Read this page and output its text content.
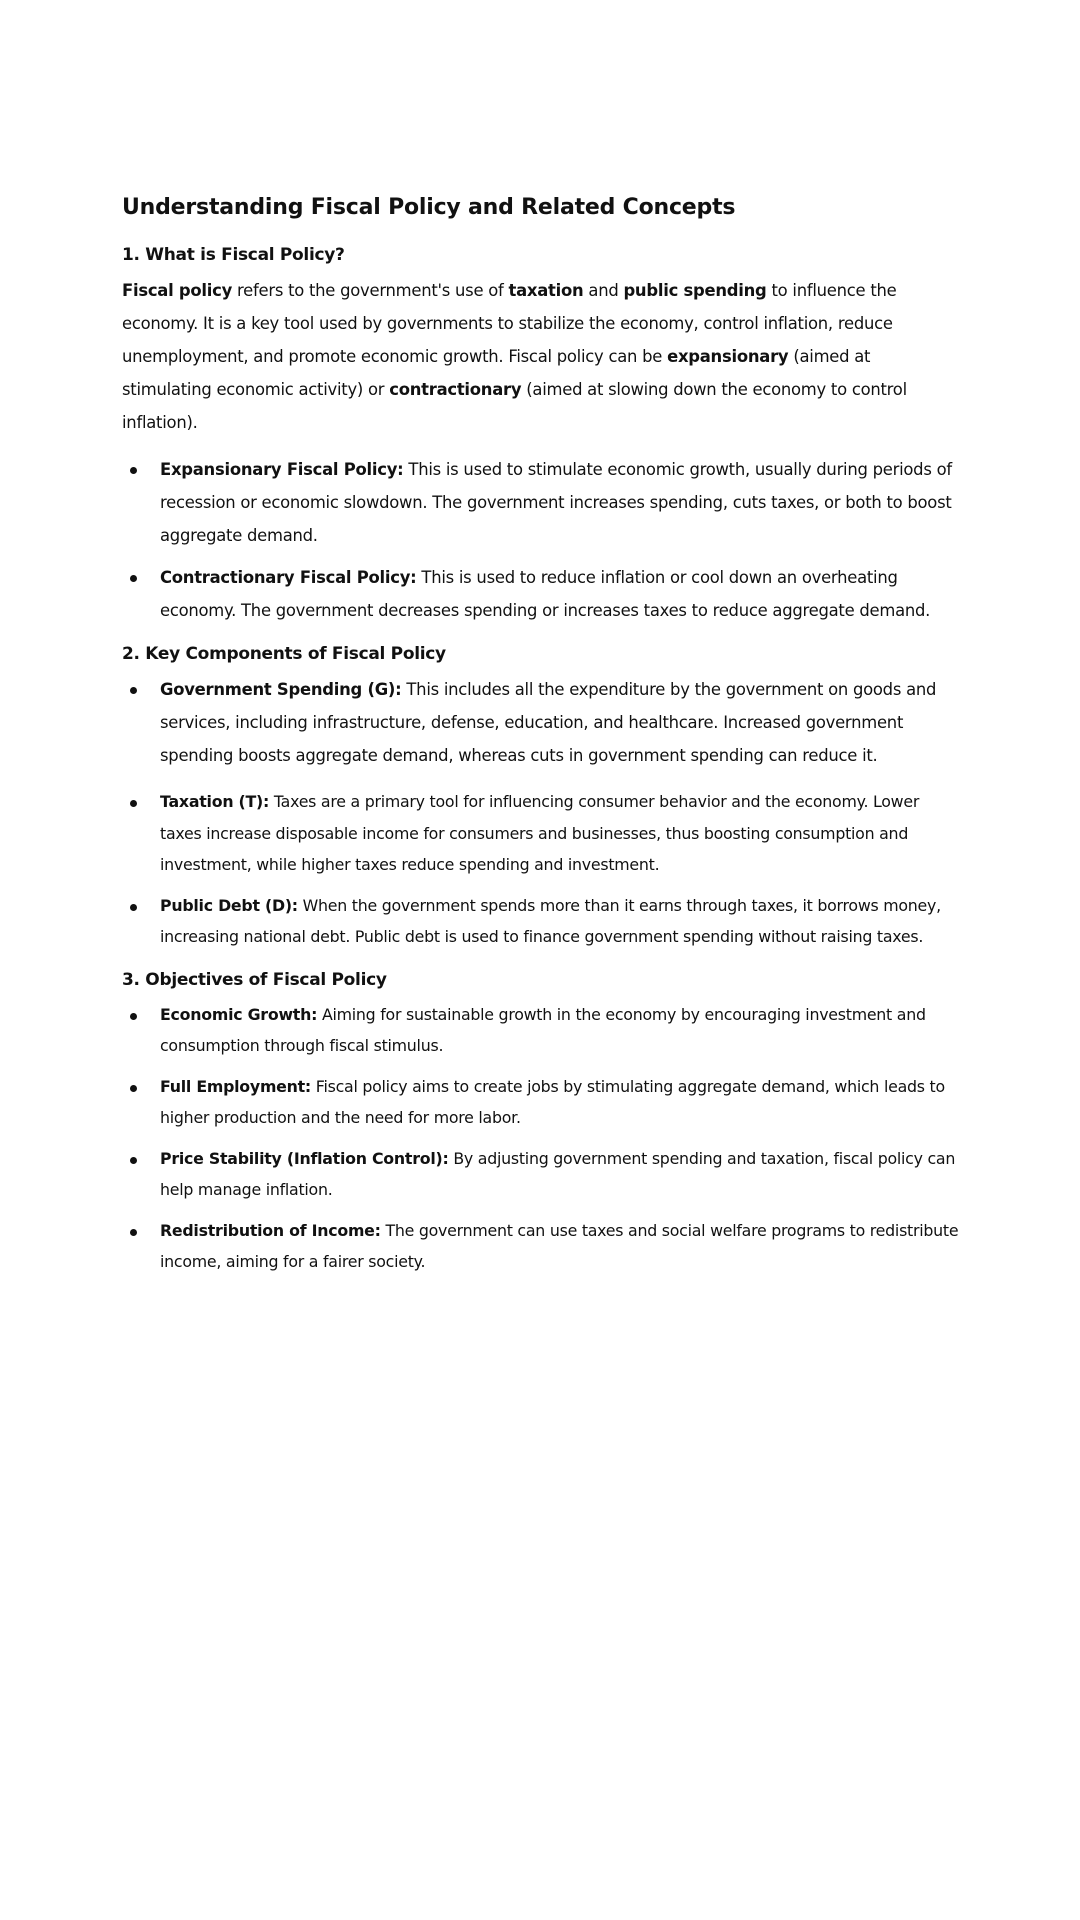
Understanding Fiscal Policy and Related Concepts
1. What is Fiscal Policy?

Fiscal policy refers to the government's use of taxation and public spending to influence the economy. It is a key tool used by governments to stabilize the economy, control inflation, reduce unemployment, and promote economic growth. Fiscal policy can be expansionary (aimed at stimulating economic activity) or contractionary (aimed at slowing down the economy to control inflation).

Expansionary Fiscal Policy: This is used to stimulate economic growth, usually during periods of recession or economic slowdown. The government increases spending, cuts taxes, or both to boost aggregate demand.
Contractionary Fiscal Policy: This is used to reduce inflation or cool down an overheating economy. The government decreases spending or increases taxes to reduce aggregate demand.
2. Key Components of Fiscal Policy
Government Spending (G): This includes all the expenditure by the government on goods and services, including infrastructure, defense, education, and healthcare. Increased government spending boosts aggregate demand, whereas cuts in government spending can reduce it.
Taxation (T): Taxes are a primary tool for influencing consumer behavior and the economy. Lower taxes increase disposable income for consumers and businesses, thus boosting consumption and investment, while higher taxes reduce spending and investment.
Public Debt (D): When the government spends more than it earns through taxes, it borrows money, increasing national debt. Public debt is used to finance government spending without raising taxes.
3. Objectives of Fiscal Policy
Economic Growth: Aiming for sustainable growth in the economy by encouraging investment and consumption through fiscal stimulus.
Full Employment: Fiscal policy aims to create jobs by stimulating aggregate demand, which leads to higher production and the need for more labor.
Price Stability (Inflation Control): By adjusting government spending and taxation, fiscal policy can help manage inflation.
Redistribution of Income: The government can use taxes and social welfare programs to redistribute income, aiming for a fairer society.
